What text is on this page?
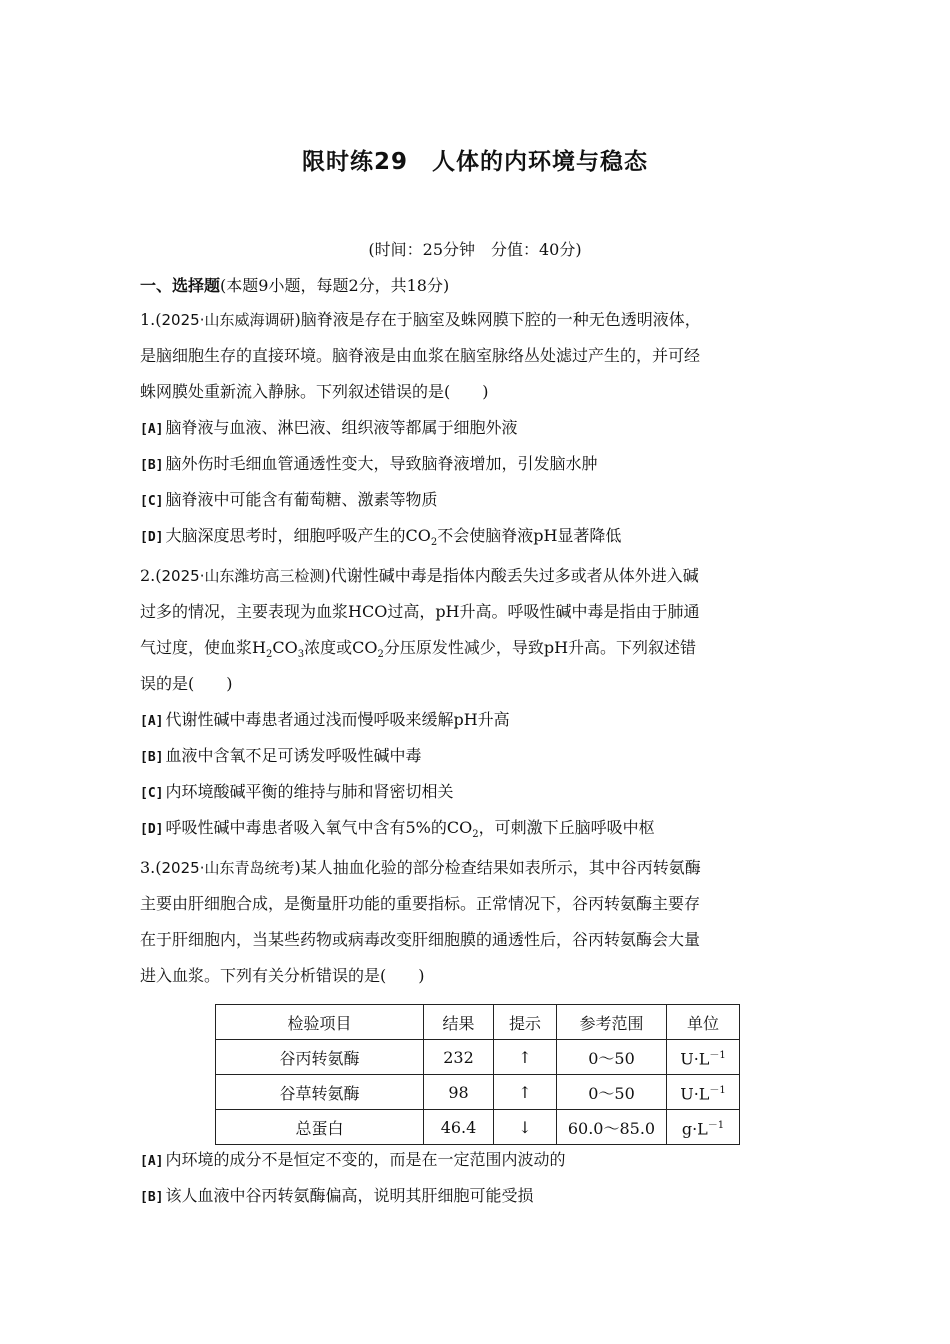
限时练29　人体的内环境与稳态
(时间：25分钟　分值：40分)
一、选择题(本题9小题，每题2分，共18分)
1.(2025·山东威海调研)脑脊液是存在于脑室及蛛网膜下腔的一种无色透明液体，
是脑细胞生存的直接环境。脑脊液是由血浆在脑室脉络丛处滤过产生的，并可经
蛛网膜处重新流入静脉。下列叙述错误的是(　　)
[A] 脑脊液与血液、淋巴液、组织液等都属于细胞外液
[B] 脑外伤时毛细血管通透性变大，导致脑脊液增加，引发脑水肿
[C] 脑脊液中可能含有葡萄糖、激素等物质
[D] 大脑深度思考时，细胞呼吸产生的$CO_2$不会使脑脊液pH显著降低
2.(2025·山东潍坊高三检测)代谢性碱中毒是指体内酸丢失过多或者从体外进入碱
过多的情况，主要表现为血浆HCO过高，pH升高。呼吸性碱中毒是指由于肺通
气过度，使血浆$H_2CO_3$浓度或$CO_2$分压原发性减少，导致pH升高。下列叙述错
误的是(　　)
[A] 代谢性碱中毒患者通过浅而慢呼吸来缓解pH升高
[B] 血液中含氧不足可诱发呼吸性碱中毒
[C] 内环境酸碱平衡的维持与肺和肾密切相关
[D] 呼吸性碱中毒患者吸入氧气中含有5%的$CO_2$，可刺激下丘脑呼吸中枢
3.(2025·山东青岛统考)某人抽血化验的部分检查结果如表所示，其中谷丙转氨酶
主要由肝细胞合成，是衡量肝功能的重要指标。正常情况下，谷丙转氨酶主要存
在于肝细胞内，当某些药物或病毒改变肝细胞膜的通透性后，谷丙转氨酶会大量
进入血浆。下列有关分析错误的是(　　)
检验项目	结果	提示	参考范围	单位
谷丙转氨酶	232	↑	0～50	$U\cdot L^{-1}$
谷草转氨酶	98	↑	0～50	$U\cdot L^{-1}$
总蛋白	46.4	↓	60.0～85.0	$g\cdot L^{-1}$
[A] 内环境的成分不是恒定不变的，而是在一定范围内波动的
[B] 该人血液中谷丙转氨酶偏高，说明其肝细胞可能受损
